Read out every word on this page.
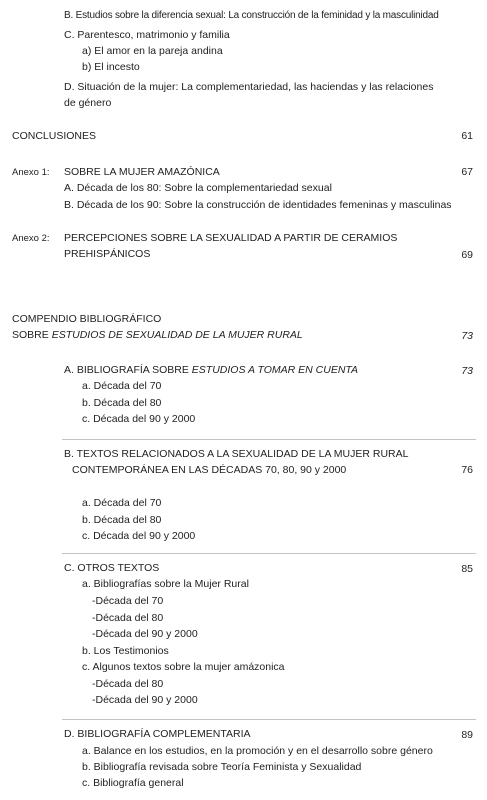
B. Estudios sobre la diferencia sexual: La construcción de la feminidad y la masculinidad
C. Parentesco, matrimonio y familia
a) El amor en la pareja andina
b) El incesto
D. Situación de la mujer: La complementariedad, las haciendas y las relaciones
de género
CONCLUSIONES	61
Anexo 1: SOBRE LA MUJER AMAZÓNICA	67
A. Década de los 80: Sobre la complementariedad sexual
B. Década de los 90: Sobre la construcción de identidades femeninas y masculinas
Anexo 2: PERCEPCIONES SOBRE LA SEXUALIDAD A PARTIR DE CERAMIOS
PREHISPÁNICOS	69
COMPENDIO BIBLIOGRÁFICO
SOBRE ESTUDIOS DE SEXUALIDAD DE LA MUJER RURAL	73
A. BIBLIOGRAFÍA SOBRE ESTUDIOS A TOMAR EN CUENTA	73
a. Década del 70
b. Década del 80
c. Década del 90 y 2000
B. TEXTOS RELACIONADOS A LA SEXUALIDAD DE LA MUJER RURAL
CONTEMPORÁNEA EN LAS DÉCADAS 70, 80, 90 y 2000	76
a. Década del 70
b. Década del 80
c. Década del 90 y 2000
C. OTROS TEXTOS	85
a. Bibliografías sobre la Mujer Rural
-Década del 70
-Década del 80
-Década del 90 y 2000
b. Los Testimonios
c. Algunos textos sobre la mujer amázonica
-Década del 80
-Década del 90 y 2000
D. BIBLIOGRAFÍA COMPLEMENTARIA	89
a. Balance en los estudios, en la promoción y en el desarrollo sobre género
b. Bibliografía revisada sobre Teoría Feminista y Sexualidad
c. Bibliografía general
